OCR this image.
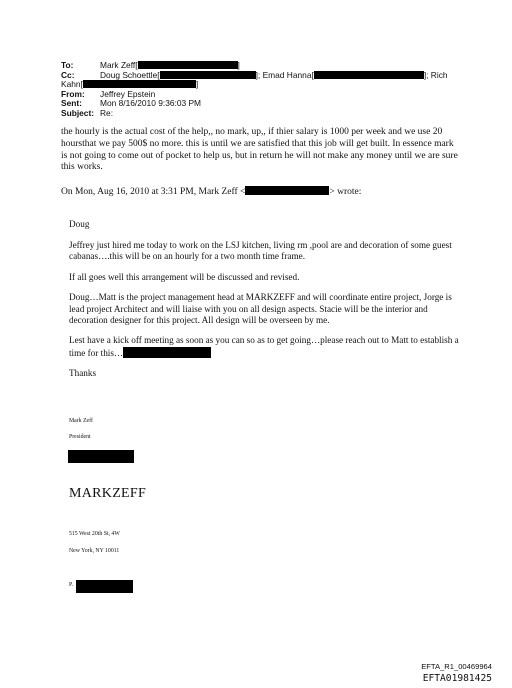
To:	Mark Zeff[	]
Cc:	Doug Schoettle[	]; Emad Hanna[	]; Rich
Kahn[	]
From:	Jeffrey Epstein
Sent:	Mon 8/16/2010 9:36:03 PM
Subject: Re:

the hourly is the actual cost of the help,, no mark, up,, if thier salary is 1000 per week and we use 20 hoursthat we pay 500$ no more. this is until we are satisfied that this job will get built. In essence mark is not going to come out of pocket to help us, but in return he will not make any money until we are sure this works.

On Mon, Aug 16, 2010 at 3:31 PM, Mark Zeff <	> wrote:

Doug

Jeffrey just hired me today to work on the LSJ kitchen, living rm ,pool are and decoration of some guest cabanas….this will be on an hourly for a two month time frame.

If all goes well this arrangement will be discussed and revised.

Doug…Matt is the project management head at MARKZEFF and will coordinate entire project, Jorge is lead project Architect and will liaise with you on all design aspects. Stacie will be the interior and decoration designer for this project. All design will be overseen by me.

Lest have a kick off meeting as soon as you can so as to get going…please reach out to Matt to establish a time for this…

Thanks

Mark Zeff
President
MARKZEFF
515 West 20th St, 4W
New York, NY 10011
P.
EFTA_R1_00469964
EFTA01981425
